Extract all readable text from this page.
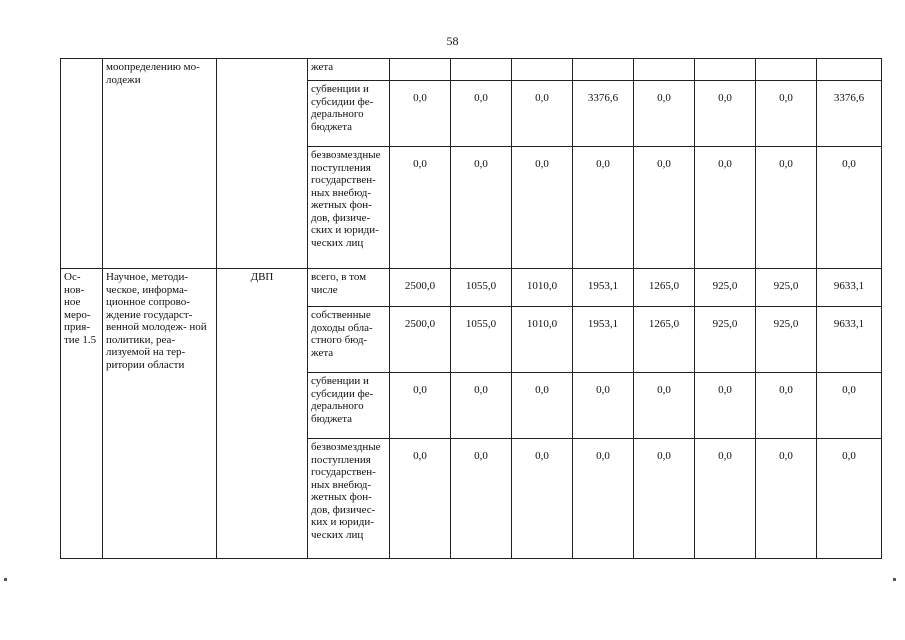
58
	моопределению мо- лодежи		жета	

			субвенции и субсидии фе- дерального бюджета	0,0	0,0	0,0	3376,6	0,0	0,0	0,0	3376,6

			безвозмездные поступления государствен- ных внебюд- жетных фон- дов, физиче- ских и юриди- ческих лиц	0,0	0,0	0,0	0,0	0,0	0,0	0,0	0,0

Ос- нов- ное меро- прия- тие 1.5	Научное, методи- ческое, информа- ционное сопрово- ждение государст- венной молодеж- ной политики, реа- лизуемой на тер- ритории области	ДВП	всего, в том числе	2500,0	1055,0	1010,0	1953,1	1265,0	925,0	925,0	9633,1

			собственные доходы обла- стного бюд- жета	2500,0	1055,0	1010,0	1953,1	1265,0	925,0	925,0	9633,1

			субвенции и субсидии фе- дерального бюджета	0,0	0,0	0,0	0,0	0,0	0,0	0,0	0,0

			безвозмездные поступления государствен- ных внебюд- жетных фон- дов, физичес- ких и юриди- ческих лиц	0,0	0,0	0,0	0,0	0,0	0,0	0,0	0,0
